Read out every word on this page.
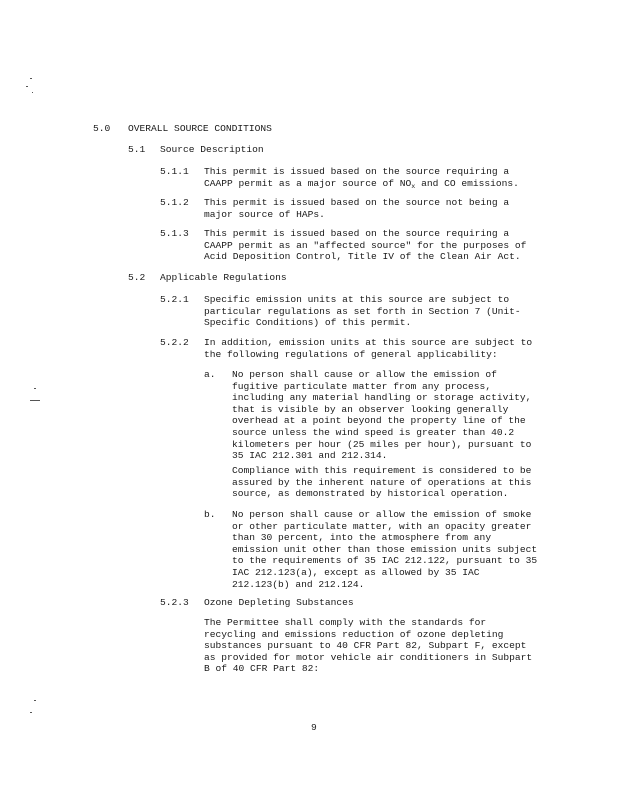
5.0 OVERALL SOURCE CONDITIONS
5.1 Source Description
5.1.1 This permit is issued based on the source requiring a
CAAPP permit as a major source of $NO_x$ and CO emissions.
5.1.2 This permit is issued based on the source not being a
major source of HAPs.
5.1.3 This permit is issued based on the source requiring a
CAAPP permit as an "affected source" for the purposes of
Acid Deposition Control, Title IV of the Clean Air Act.
5.2 Applicable Regulations
5.2.1 Specific emission units at this source are subject to
particular regulations as set forth in Section 7 (Unit-
Specific Conditions) of this permit.
5.2.2 In addition, emission units at this source are subject to
the following regulations of general applicability:
a. No person shall cause or allow the emission of
fugitive particulate matter from any process,
including any material handling or storage activity,
that is visible by an observer looking generally
overhead at a point beyond the property line of the
source unless the wind speed is greater than 40.2
kilometers per hour (25 miles per hour), pursuant to
35 IAC 212.301 and 212.314.
Compliance with this requirement is considered to be
assured by the inherent nature of operations at this
source, as demonstrated by historical operation.
b. No person shall cause or allow the emission of smoke
or other particulate matter, with an opacity greater
than 30 percent, into the atmosphere from any
emission unit other than those emission units subject
to the requirements of 35 IAC 212.122, pursuant to 35
IAC 212.123(a), except as allowed by 35 IAC
212.123(b) and 212.124.
5.2.3 Ozone Depleting Substances
The Permittee shall comply with the standards for
recycling and emissions reduction of ozone depleting
substances pursuant to 40 CFR Part 82, Subpart F, except
as provided for motor vehicle air conditioners in Subpart
B of 40 CFR Part 82:
9
